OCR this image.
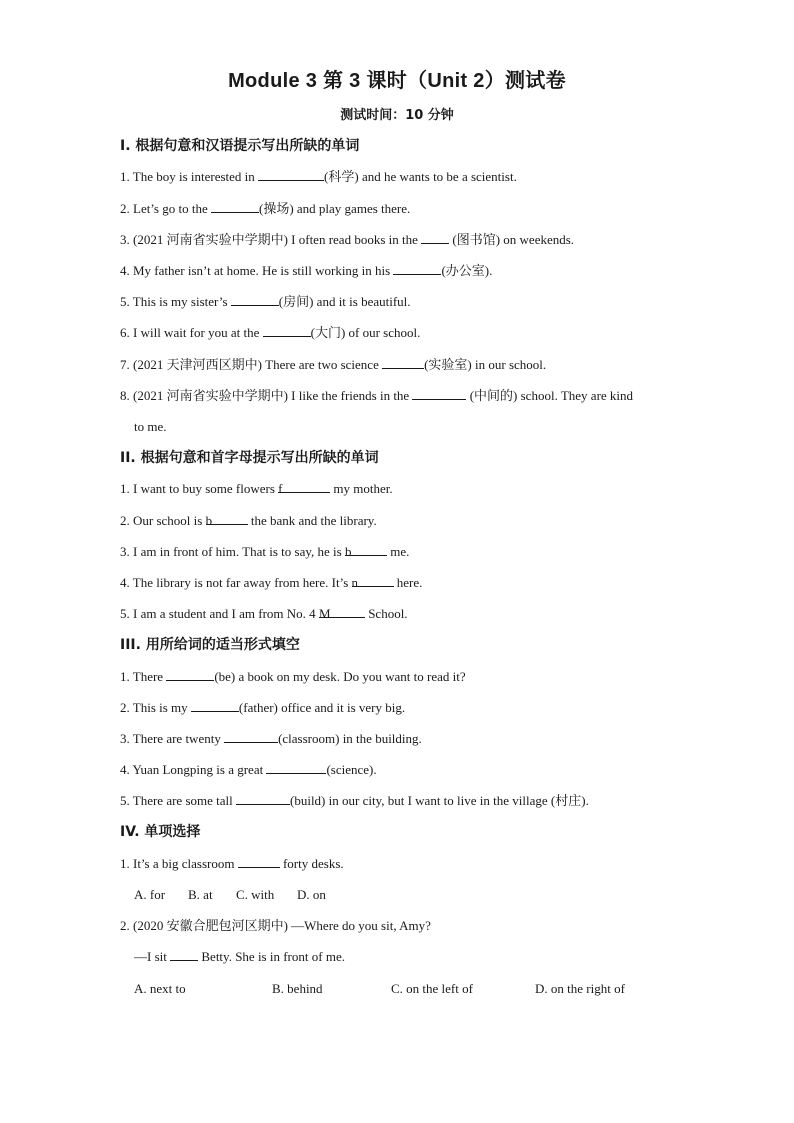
Module 3 第 3 课时（Unit 2）测试卷
测试时间：10 分钟
I. 根据句意和汉语提示写出所缺的单词
1. The boy is interested in	(科学) and he wants to be a scientist.
2. Let’s go to the	(操场) and play games there.
3. (2021 河南省实验中学期中) I often read books in the  (图书馆) on weekends.
4. My father isn’t at home. He is still working in his	(办公室).
5. This is my sister’s	(房间) and it is beautiful.
6. I will wait for you at the	(大门) of our school.
7. (2021 天津河西区期中) There are two science	(实验室) in our school.
8. (2021 河南省实验中学期中) I like the friends in the	(中间的) school. They are kind
to me.
II. 根据句意和首字母提示写出所缺的单词
1. I want to buy some flowers f	my mother.
2. Our school is b	the bank and the library.
3. I am in front of him. That is to say, he is b	me.
4. The library is not far away from here. It’s n	here.
5. I am a student and I am from No. 4 M	School.
III. 用所给词的适当形式填空
1. There	(be) a book on my desk. Do you want to read it?
2. This is my	(father) office and it is very big.
3. There are twenty	(classroom) in the building.
4. Yuan Longping is a great	(science).
5. There are some tall	(build) in our city, but I want to live in the village (村庄).
IV. 单项选择
1. It’s a big classroom	forty desks.
A. for B. at C. with D. on
2. (2020 安徽合肥包河区期中) —Where do you sit, Amy?
—I sit  Betty. She is in front of me.
A. next to	B. behind	C. on the left of	D. on the right of
